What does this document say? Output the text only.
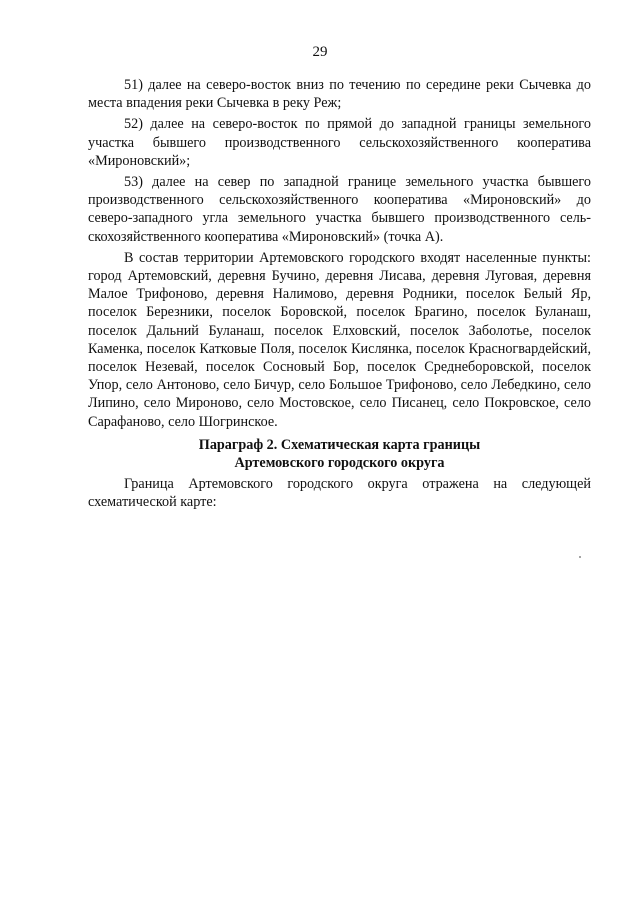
29

51) далее на северо-восток вниз по течению по середине реки Сычевка до места впадения реки Сычевка в реку Реж;

52) далее на северо-восток по прямой до западной границы земельного участка бывшего производственного сельскохозяйственного кооператива «Мироновский»;

53) далее на север по западной границе земельного участка бывшего производственного сельскохозяйственного кооператива «Мироновский» до северо-западного угла земельного участка бывшего производственного сельскохозяйственного кооператива «Мироновский» (точка А).

В состав территории Артемовского городского входят населенные пункты: город Артемовский, деревня Бучино, деревня Лисава, деревня Луговая, деревня Малое Трифоново, деревня Налимово, деревня Родники, поселок Белый Яр, поселок Березники, поселок Боровской, поселок Брагино, поселок Буланаш, поселок Дальний Буланаш, поселок Елховский, поселок Заболотье, поселок Каменка, поселок Катковые Поля, поселок Кислянка, поселок Красногвардейский, поселок Незевай, поселок Сосновый Бор, поселок Среднеборовской, поселок Упор, село Антоново, село Бичур, село Большое Трифоново, село Лебедкино, село Липино, село Мироново, село Мостовское, село Писанец, село Покровское, село Сарафаново, село Шогринское.

Параграф 2. Схематическая карта границы
Артемовского городского округа

Граница Артемовского городского округа отражена на следующей схематической карте:
